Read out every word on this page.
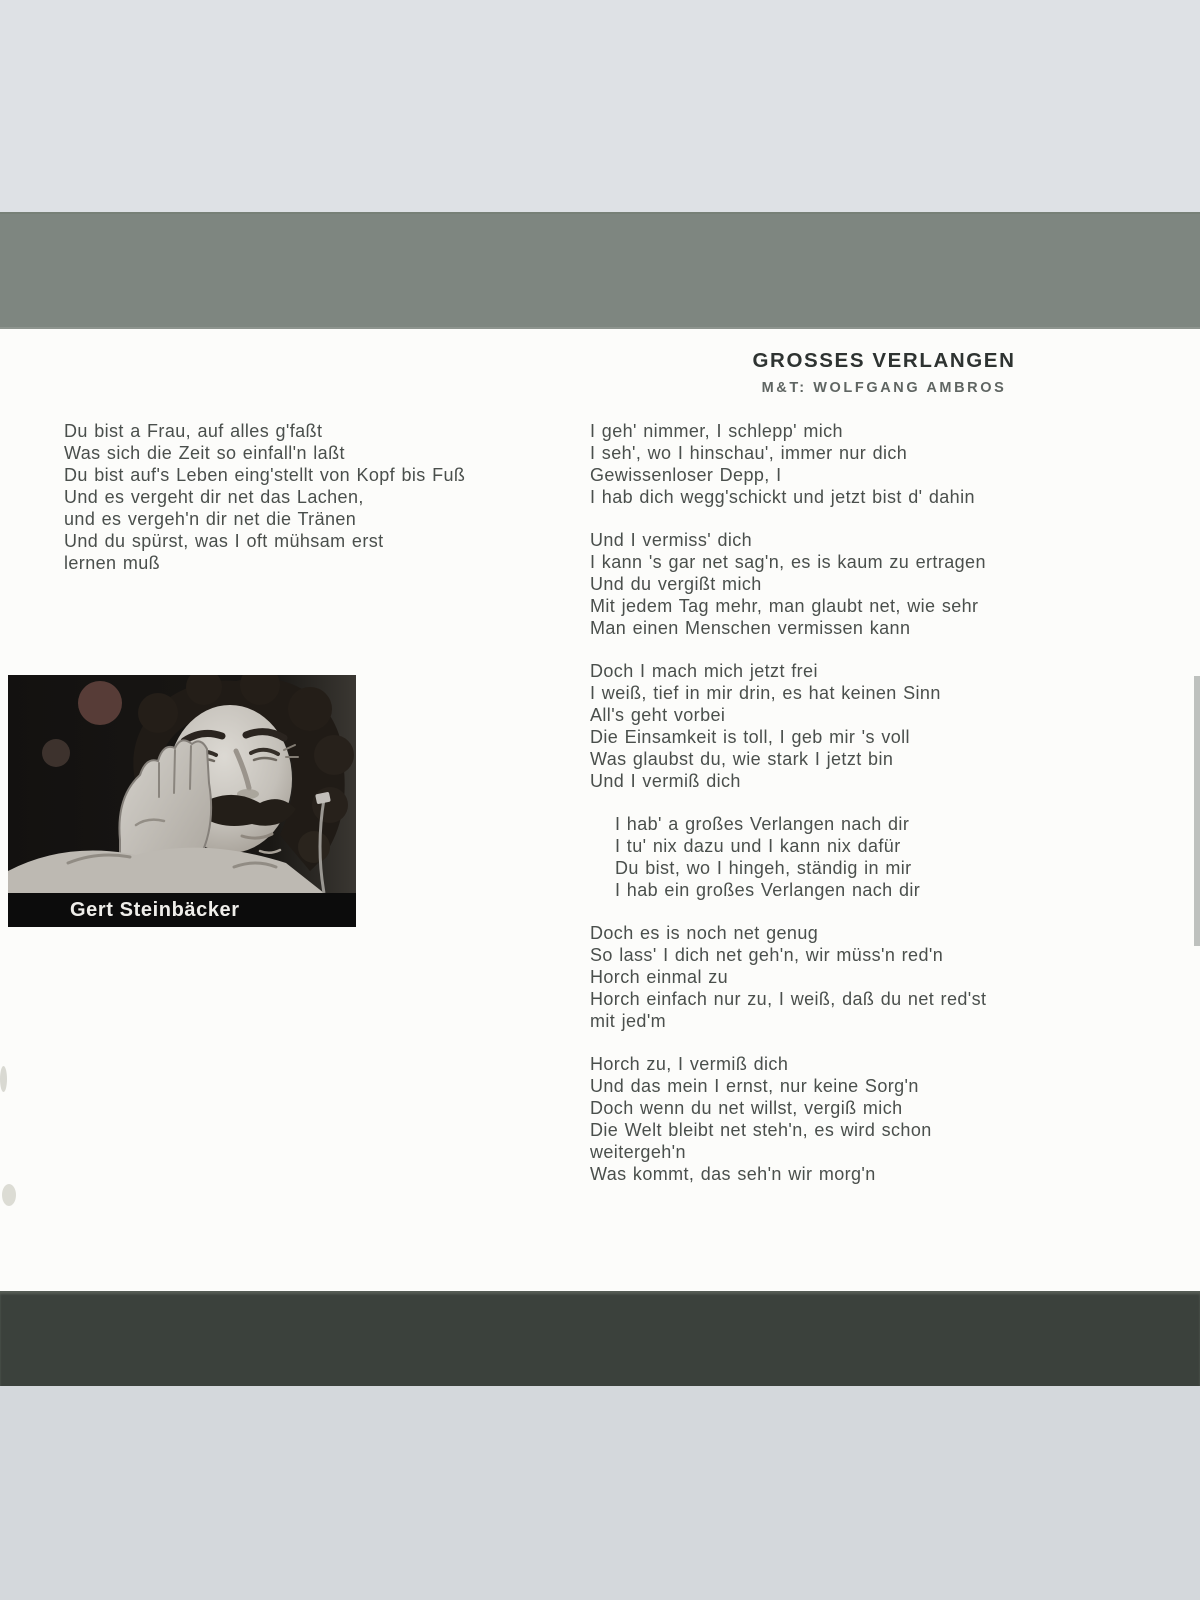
GROSSES VERLANGEN
M&T: WOLFGANG AMBROS
Du bist a Frau, auf alles g'faßt
Was sich die Zeit so einfall'n laßt
Du bist auf's Leben eing'stellt von Kopf bis Fuß
Und es vergeht dir net das Lachen,
und es vergeh'n dir net die Tränen
Und du spürst, was I oft mühsam erst
lernen muß
I geh' nimmer, I schlepp' mich
I seh', wo I hinschau', immer nur dich
Gewissenloser Depp, I
I hab dich wegg'schickt und jetzt bist d' dahin
Und I vermiss' dich
I kann 's gar net sag'n, es is kaum zu ertragen
Und du vergißt mich
Mit jedem Tag mehr, man glaubt net, wie sehr
Man einen Menschen vermissen kann
Doch I mach mich jetzt frei
I weiß, tief in mir drin, es hat keinen Sinn
All's geht vorbei
Die Einsamkeit is toll, I geb mir 's voll
Was glaubst du, wie stark I jetzt bin
Und I vermiß dich
I hab' a großes Verlangen nach dir
I tu' nix dazu und I kann nix dafür
Du bist, wo I hingeh, ständig in mir
I hab ein großes Verlangen nach dir
Doch es is noch net genug
So lass' I dich net geh'n, wir müss'n red'n
Horch einmal zu
Horch einfach nur zu, I weiß, daß du net red'st
mit jed'm
Horch zu, I vermiß dich
Und das mein I ernst, nur keine Sorg'n
Doch wenn du net willst, vergiß mich
Die Welt bleibt net steh'n, es wird schon
weitergeh'n
Was kommt, das seh'n wir morg'n
Gert Steinbäcker
